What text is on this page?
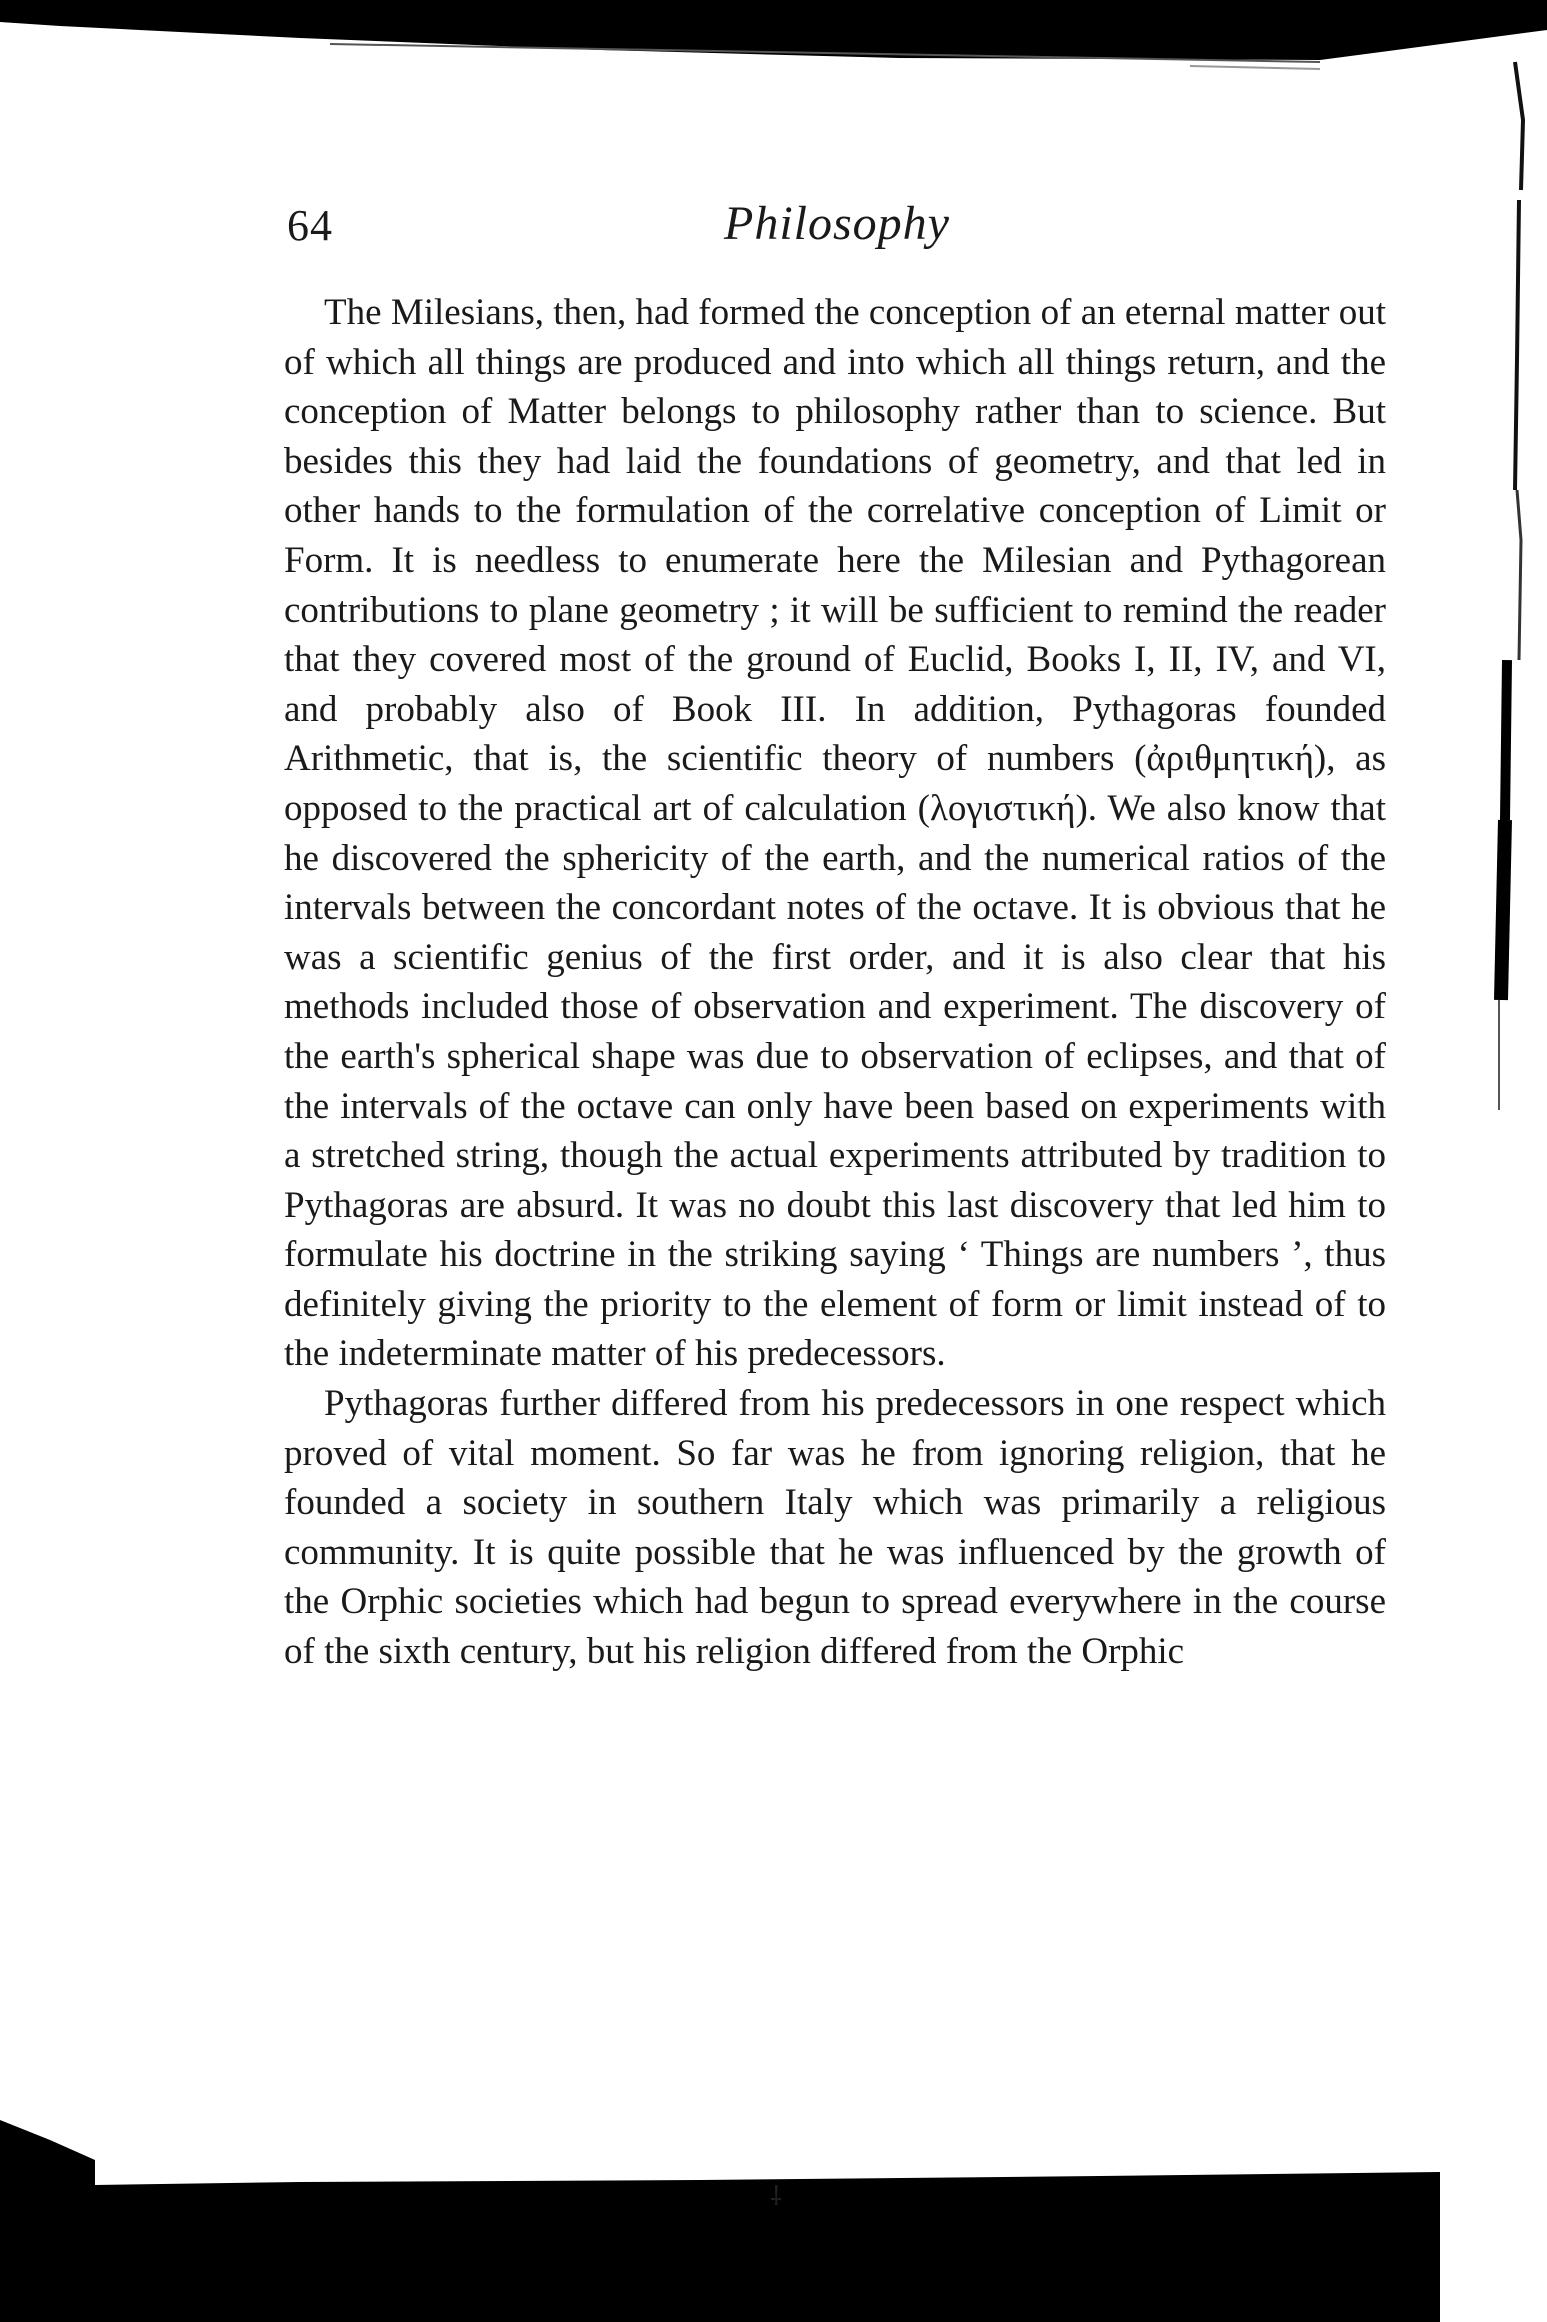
⸸
64	Philosophy

The Milesians, then, had formed the conception of an eternal matter out of which all things are produced and into which all things return, and the conception of Matter belongs to philosophy rather than to science. But besides this they had laid the foundations of geometry, and that led in other hands to the formulation of the correlative conception of Limit or Form. It is needless to enumerate here the Milesian and Pythagorean contributions to plane geometry ; it will be sufficient to remind the reader that they covered most of the ground of Euclid, Books I, II, IV, and VI, and probably also of Book III. In addition, Pythagoras founded Arithmetic, that is, the scientific theory of numbers (ἀριθμητική), as opposed to the practical art of calculation (λογιστική). We also know that he discovered the sphericity of the earth, and the numerical ratios of the intervals between the concordant notes of the octave. It is obvious that he was a scientific genius of the first order, and it is also clear that his methods included those of observation and experiment. The discovery of the earth's spherical shape was due to observation of eclipses, and that of the intervals of the octave can only have been based on experiments with a stretched string, though the actual experiments attributed by tradition to Pythagoras are absurd. It was no doubt this last discovery that led him to formulate his doctrine in the striking saying ‘ Things are numbers ’, thus definitely giving the priority to the element of form or limit instead of to the indeterminate matter of his predecessors.

Pythagoras further differed from his predecessors in one respect which proved of vital moment. So far was he from ignoring religion, that he founded a society in southern Italy which was primarily a religious community. It is quite possible that he was influenced by the growth of the Orphic societies which had begun to spread everywhere in the course of the sixth century, but his religion differed from the Orphic
